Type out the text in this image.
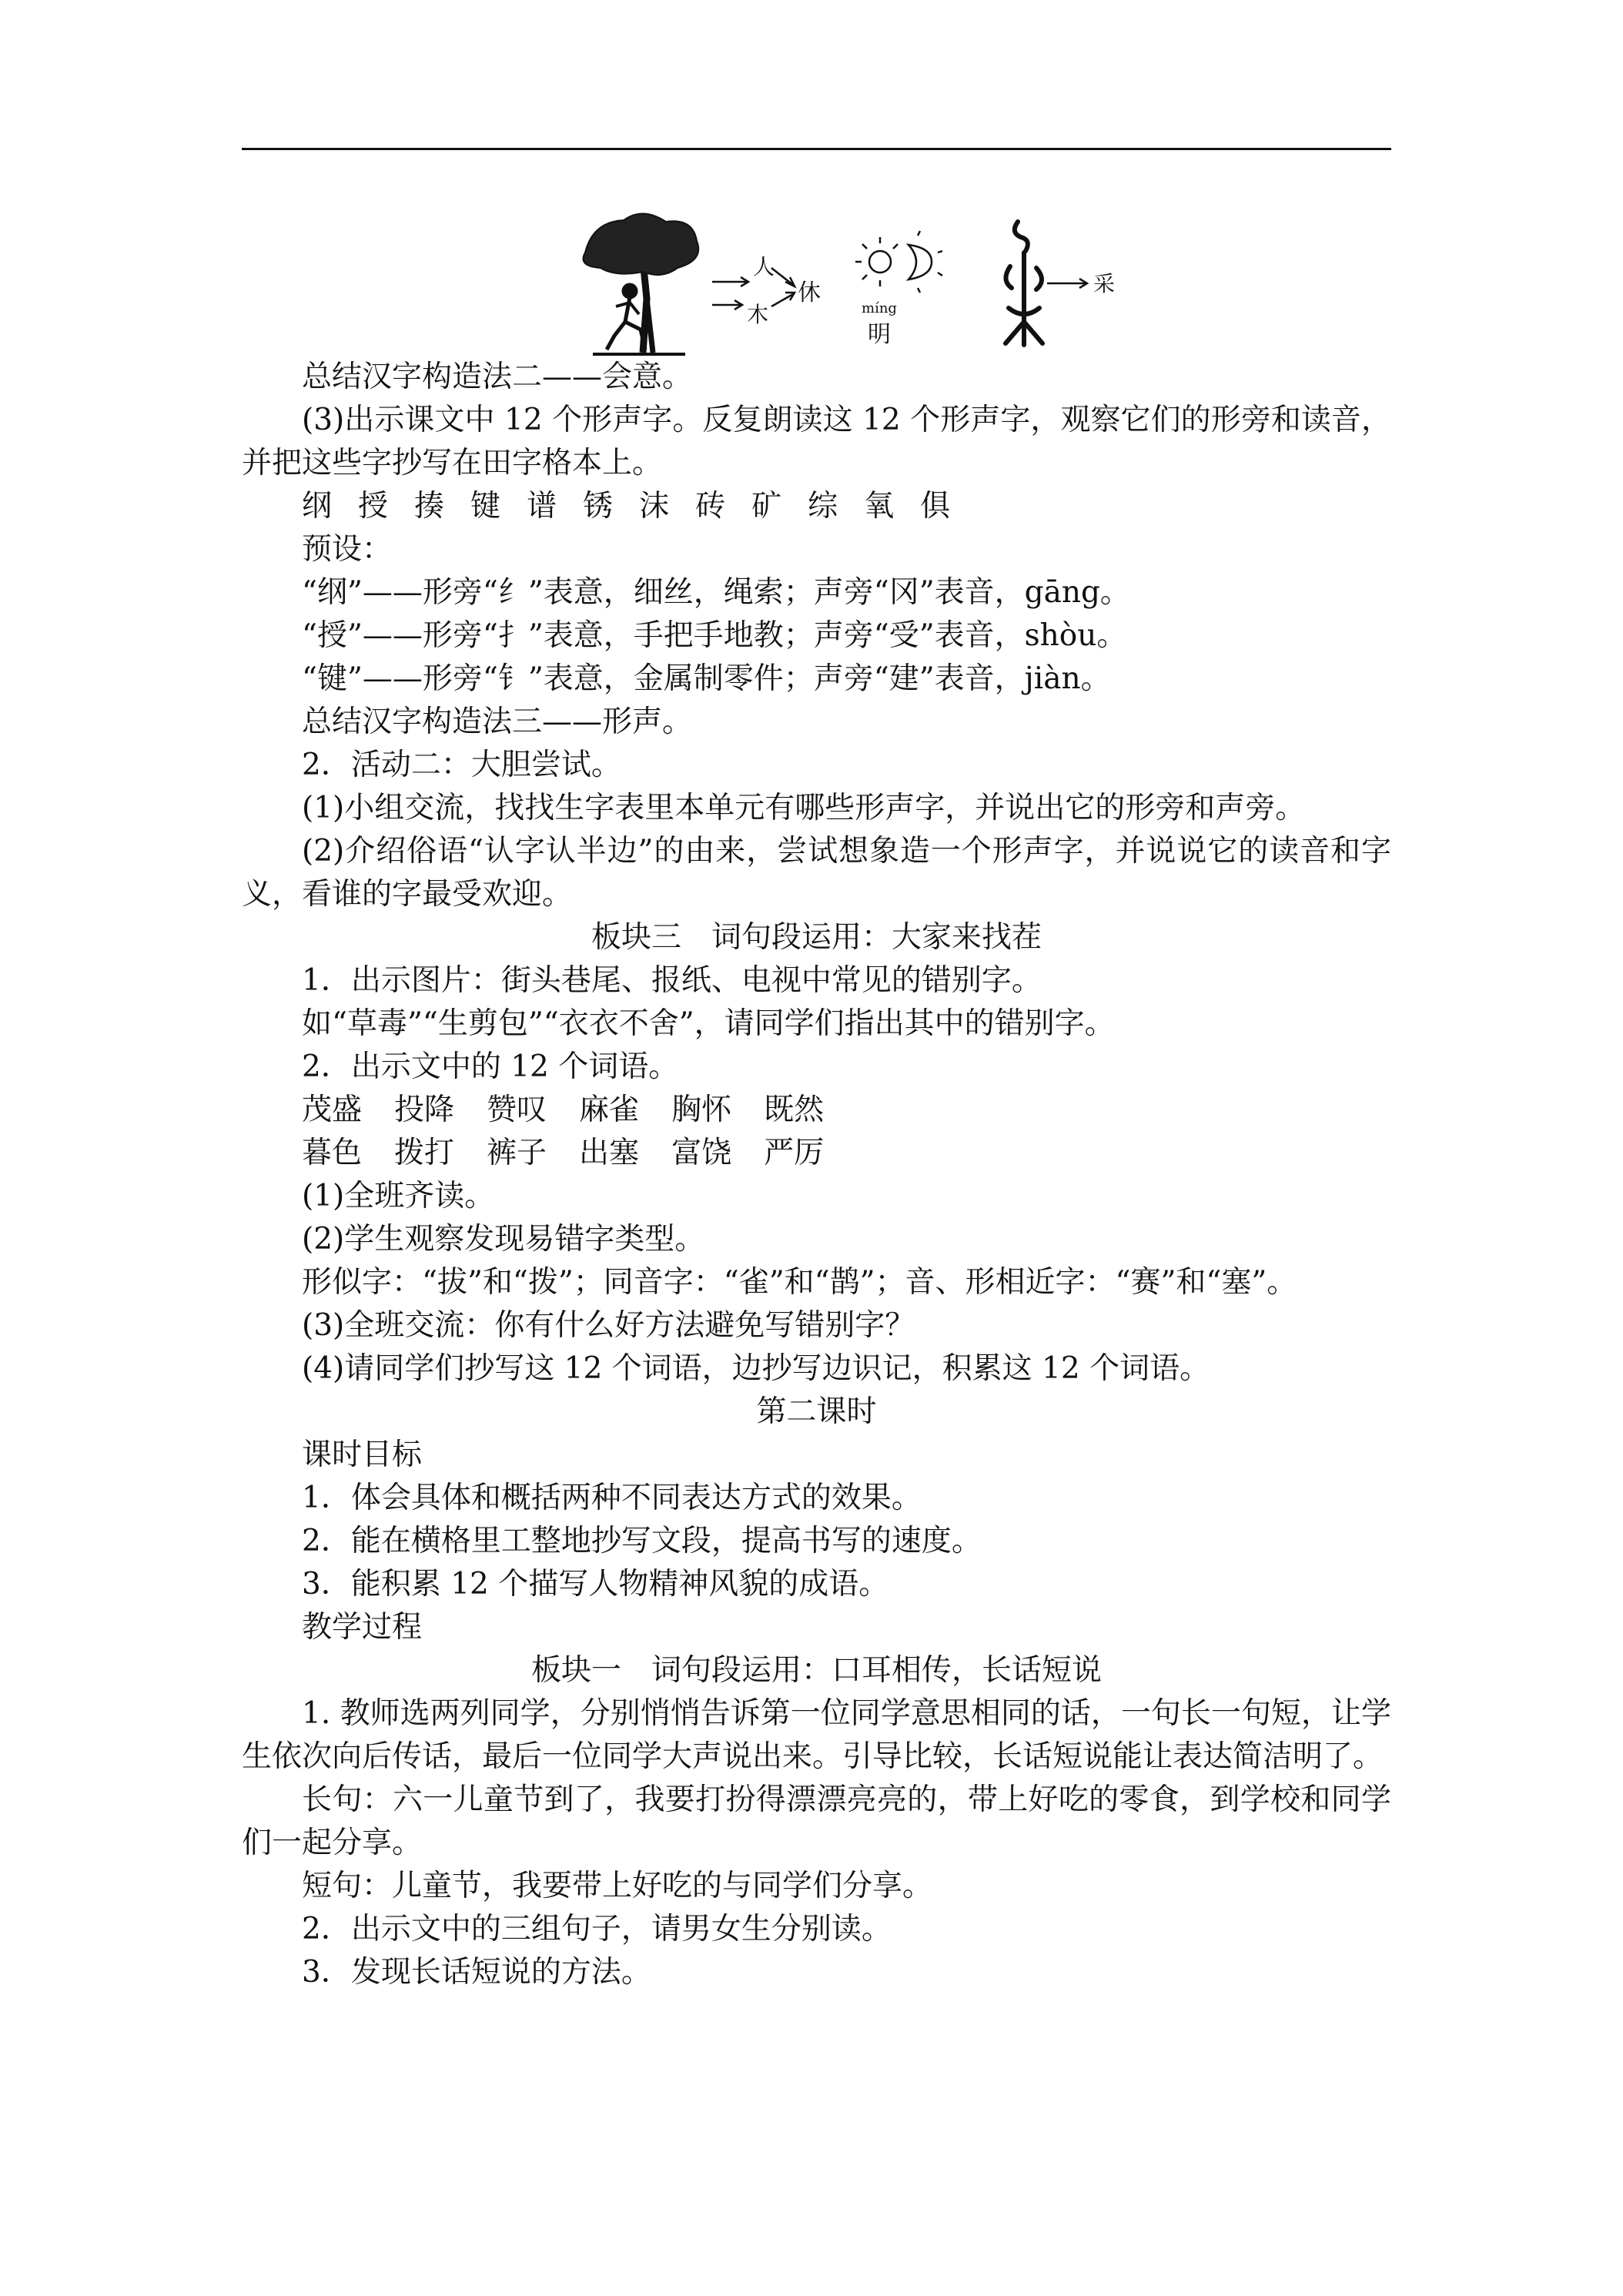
人
木
休
míng
明
采

总结汉字构造法二——会意。

(3)出示课文中 12 个形声字。反复朗读这 12 个形声字，观察它们的形旁和读音，并把这些字抄写在田字格本上。

纲 授 揍 键 谱 锈 沫 砖 矿 综 氧 俱

预设：

“纲”——形旁“纟”表意，细丝，绳索；声旁“冈”表音，gāng。

“授”——形旁“扌”表意，手把手地教；声旁“受”表音，shòu。

“键”——形旁“钅”表意，金属制零件；声旁“建”表音，jiàn。

总结汉字构造法三——形声。

2．活动二：大胆尝试。

(1)小组交流，找找生字表里本单元有哪些形声字，并说出它的形旁和声旁。

(2)介绍俗语“认字认半边”的由来，尝试想象造一个形声字，并说说它的读音和字义，看谁的字最受欢迎。

板块三　词句段运用：大家来找茬

1．出示图片：街头巷尾、报纸、电视中常见的错别字。

如“草毒”“生剪包”“衣衣不舍”，请同学们指出其中的错别字。

2．出示文中的 12 个词语。

茂盛 投降 赞叹 麻雀 胸怀 既然

暮色 拨打 裤子 出塞 富饶 严厉

(1)全班齐读。

(2)学生观察发现易错字类型。

形似字：“拔”和“拨”；同音字：“雀”和“鹊”；音、形相近字：“赛”和“塞”。

(3)全班交流：你有什么好方法避免写错别字？

(4)请同学们抄写这 12 个词语，边抄写边识记，积累这 12 个词语。

第二课时

课时目标

1．体会具体和概括两种不同表达方式的效果。

2．能在横格里工整地抄写文段，提高书写的速度。

3．能积累 12 个描写人物精神风貌的成语。

教学过程

板块一　词句段运用：口耳相传，长话短说

1. 教师选两列同学，分别悄悄告诉第一位同学意思相同的话，一句长一句短，让学生依次向后传话，最后一位同学大声说出来。引导比较，长话短说能让表达简洁明了。

长句：六一儿童节到了，我要打扮得漂漂亮亮的，带上好吃的零食，到学校和同学们一起分享。

短句：儿童节，我要带上好吃的与同学们分享。

2．出示文中的三组句子，请男女生分别读。

3．发现长话短说的方法。
